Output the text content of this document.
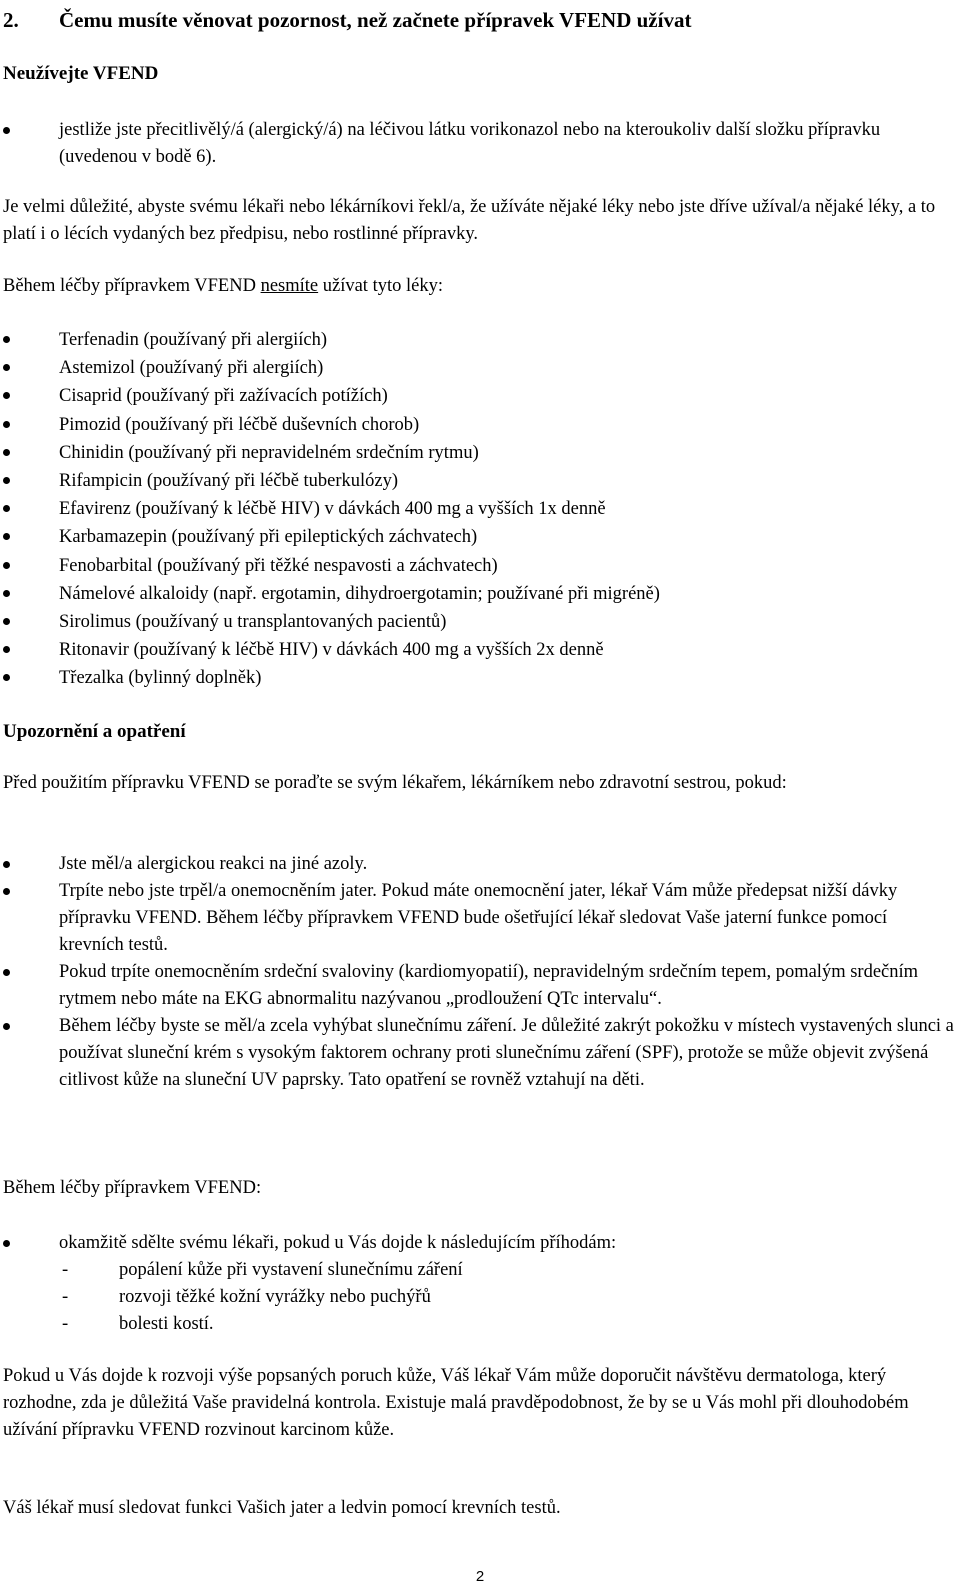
2. Čemu musíte věnovat pozornost, než začnete přípravek VFEND užívat

Neužívejte VFEND

jestliže jste přecitlivělý/á (alergický/á) na léčivou látku vorikonazol nebo na kteroukoliv další složku přípravku (uvedenou v bodě 6).

Je velmi důležité, abyste svému lékaři nebo lékárníkovi řekl/a, že užíváte nějaké léky nebo jste dříve užíval/a nějaké léky, a to platí i o lécích vydaných bez předpisu, nebo rostlinné přípravky.

Během léčby přípravkem VFEND nesmíte užívat tyto léky:

Terfenadin (používaný při alergiích)
Astemizol (používaný při alergiích)
Cisaprid (používaný při zažívacích potížích)
Pimozid (používaný při léčbě duševních chorob)
Chinidin (používaný při nepravidelném srdečním rytmu)
Rifampicin (používaný při léčbě tuberkulózy)
Efavirenz (používaný k léčbě HIV) v dávkách 400 mg a vyšších 1x denně
Karbamazepin (používaný při epileptických záchvatech)
Fenobarbital (používaný při těžké nespavosti a záchvatech)
Námelové alkaloidy (např. ergotamin, dihydroergotamin; používané při migréně)
Sirolimus (používaný u transplantovaných pacientů)
Ritonavir (používaný k léčbě HIV) v dávkách 400 mg a vyšších 2x denně
Třezalka (bylinný doplněk)

Upozornění a opatření

Před použitím přípravku VFEND se poraďte se svým lékařem, lékárníkem nebo zdravotní sestrou, pokud:

Jste měl/a alergickou reakci na jiné azoly.
Trpíte nebo jste trpěl/a onemocněním jater. Pokud máte onemocnění jater, lékař Vám může předepsat nižší dávky přípravku VFEND. Během léčby přípravkem VFEND bude ošetřující lékař sledovat Vaše jaterní funkce pomocí krevních testů.
Pokud trpíte onemocněním srdeční svaloviny (kardiomyopatií), nepravidelným srdečním tepem, pomalým srdečním rytmem nebo máte na EKG abnormalitu nazývanou „prodloužení QTc intervalu“.
Během léčby byste se měl/a zcela vyhýbat slunečnímu záření. Je důležité zakrýt pokožku v místech vystavených slunci a používat sluneční krém s vysokým faktorem ochrany proti slunečnímu záření (SPF), protože se může objevit zvýšená citlivost kůže na sluneční UV paprsky. Tato opatření se rovněž vztahují na děti.

Během léčby přípravkem VFEND:

okamžitě sdělte svému lékaři, pokud u Vás dojde k následujícím příhodám:
-	popálení kůže při vystavení slunečnímu záření
-	rozvoji těžké kožní vyrážky nebo puchýřů
-	bolesti kostí.

Pokud u Vás dojde k rozvoji výše popsaných poruch kůže, Váš lékař Vám může doporučit návštěvu dermatologa, který rozhodne, zda je důležitá Vaše pravidelná kontrola. Existuje malá pravděpodobnost, že by se u Vás mohl při dlouhodobém užívání přípravku VFEND rozvinout karcinom kůže.

Váš lékař musí sledovat funkci Vašich jater a ledvin pomocí krevních testů.

2
